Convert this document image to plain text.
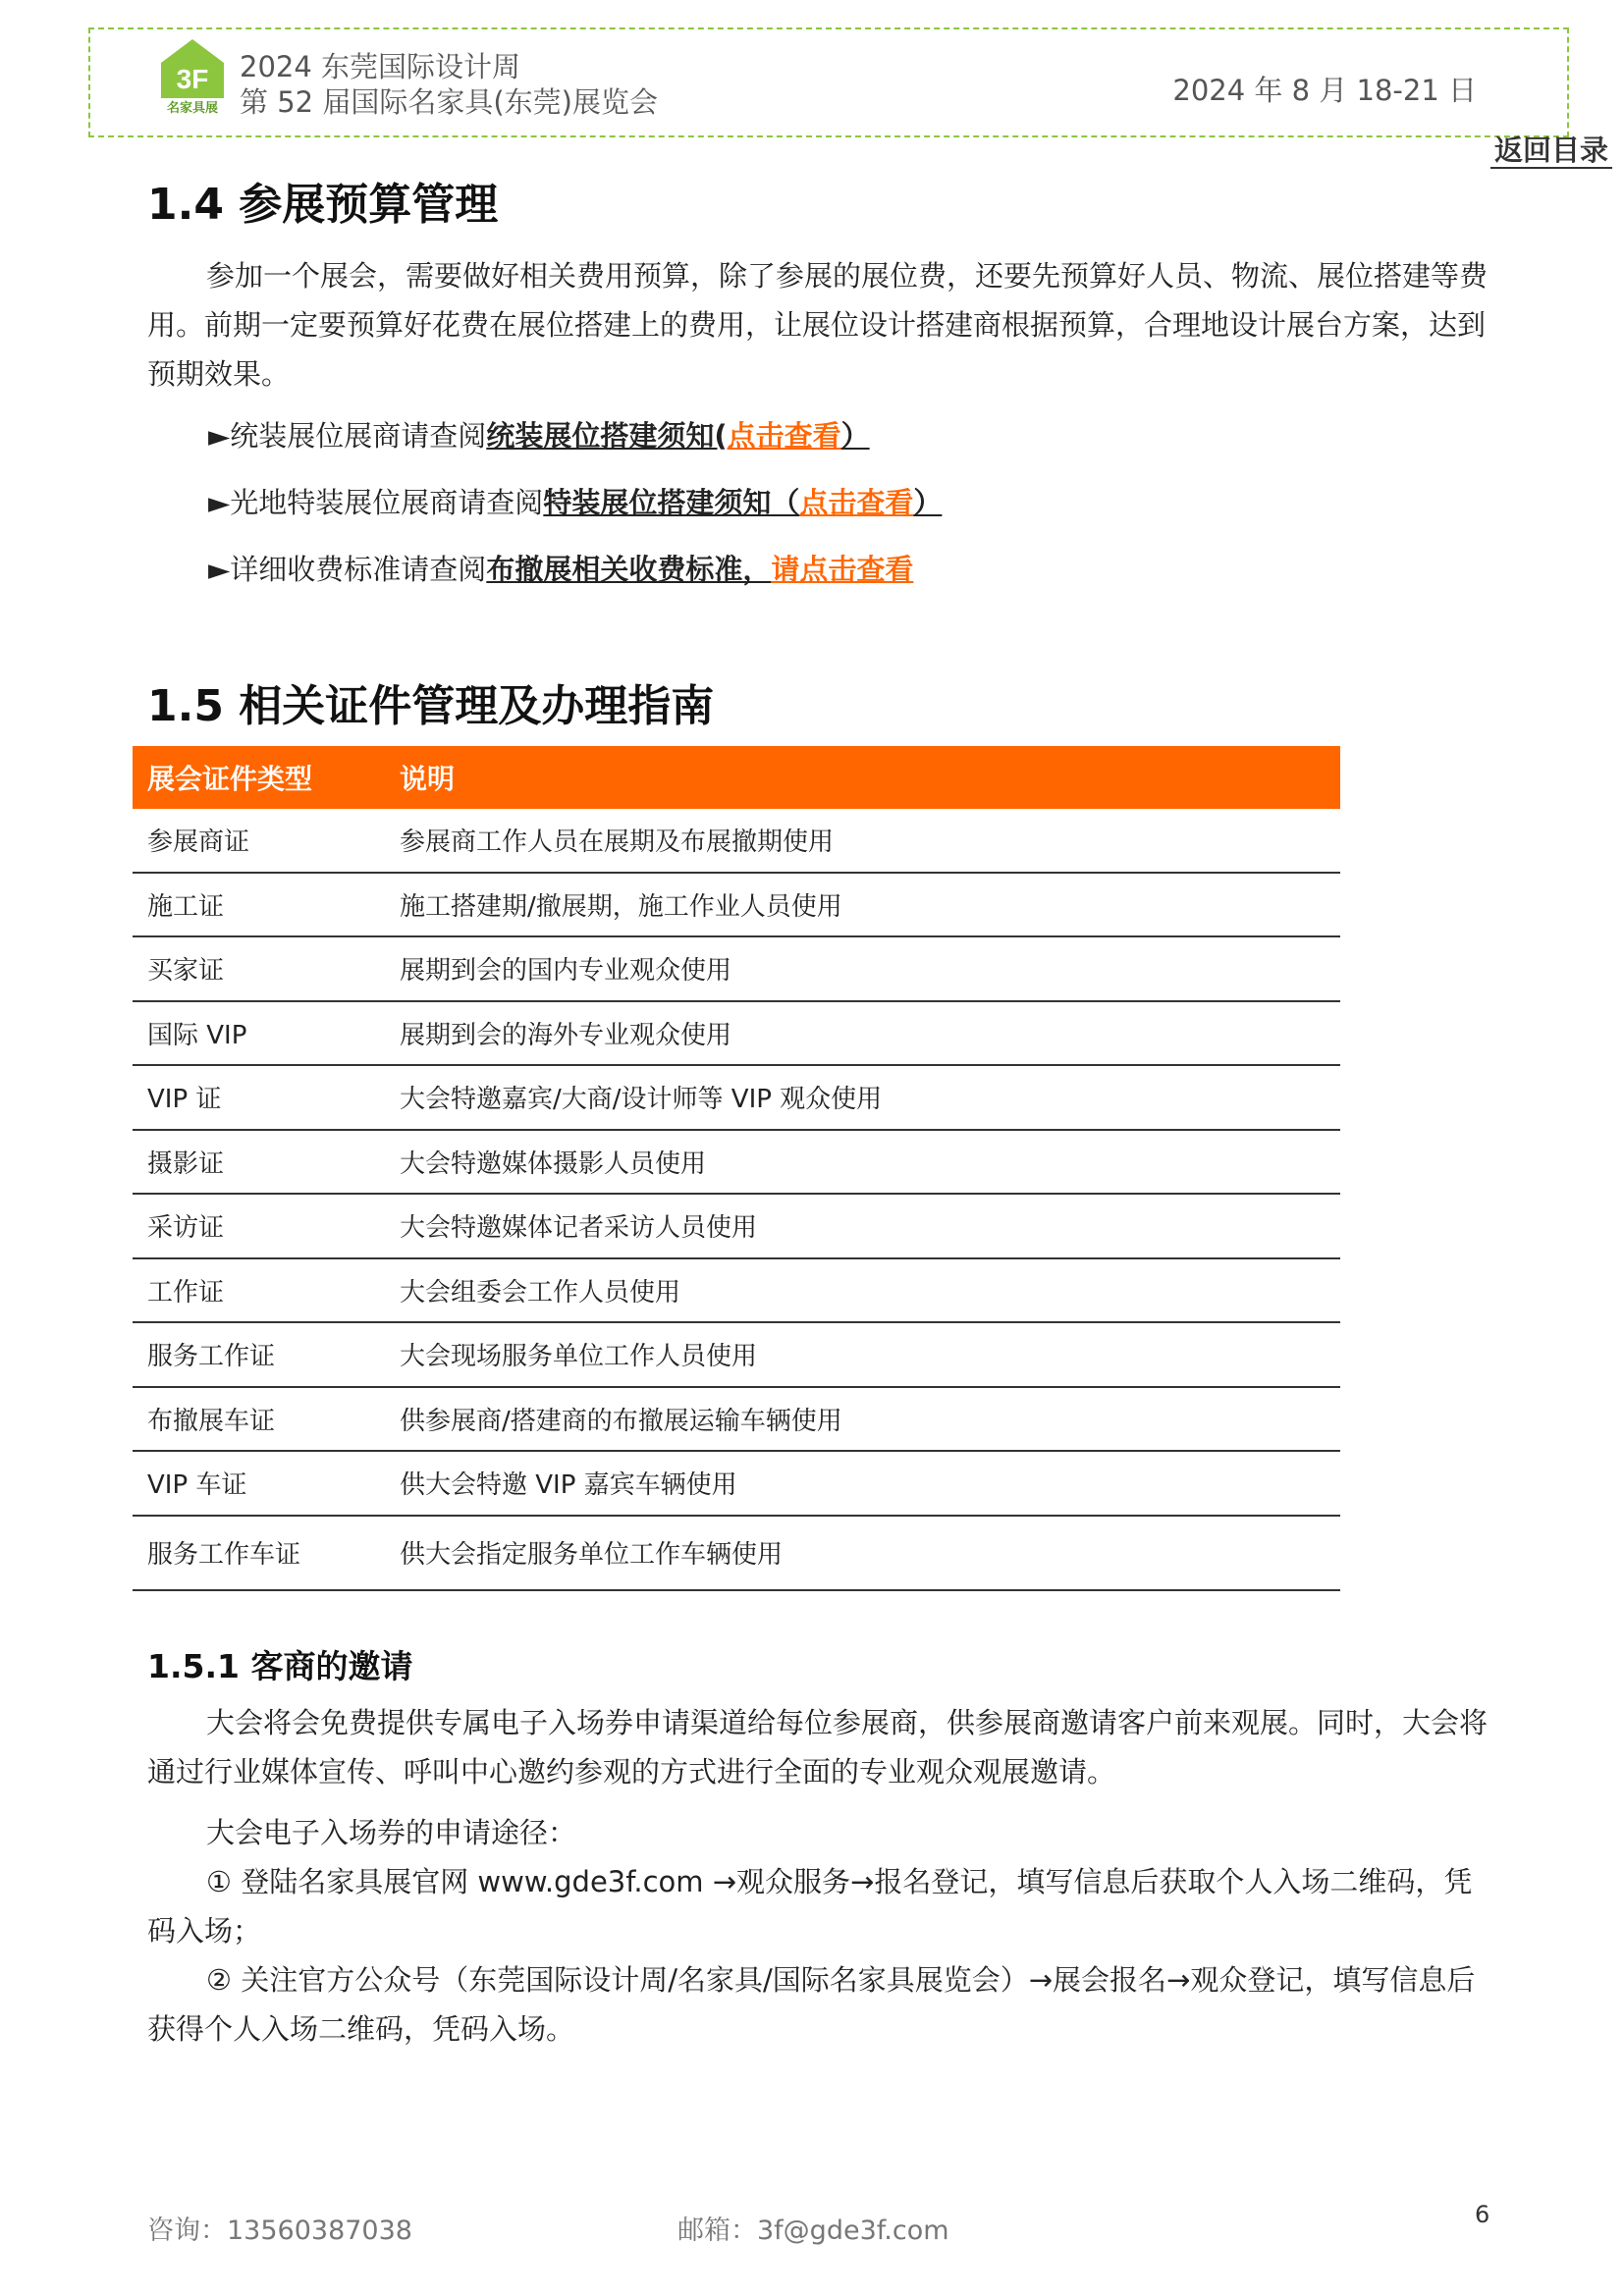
3F
名家具展
2024 东莞国际设计周
第 52 届国际名家具(东莞)展览会	2024 年 8 月 18-21 日
返回目录
1.4 参展预算管理

参加一个展会，需要做好相关费用预算，除了参展的展位费，还要先预算好人员、物流、展位搭建等费用。前期一定要预算好花费在展位搭建上的费用，让展位设计搭建商根据预算，合理地设计展台方案，达到预期效果。

►统装展位展商请查阅统装展位搭建须知(点击查看）
►光地特装展位展商请查阅特装展位搭建须知（点击查看）
►详细收费标准请查阅布撤展相关收费标准，请点击查看
1.5 相关证件管理及办理指南
展会证件类型	说明
参展商证	参展商工作人员在展期及布展撤期使用
施工证	施工搭建期/撤展期，施工作业人员使用
买家证	展期到会的国内专业观众使用
国际 VIP	展期到会的海外专业观众使用
VIP 证	大会特邀嘉宾/大商/设计师等 VIP 观众使用
摄影证	大会特邀媒体摄影人员使用
采访证	大会特邀媒体记者采访人员使用
工作证	大会组委会工作人员使用
服务工作证	大会现场服务单位工作人员使用
布撤展车证	供参展商/搭建商的布撤展运输车辆使用
VIP 车证	供大会特邀 VIP 嘉宾车辆使用
服务工作车证	供大会指定服务单位工作车辆使用
1.5.1 客商的邀请

大会将会免费提供专属电子入场券申请渠道给每位参展商，供参展商邀请客户前来观展。同时，大会将通过行业媒体宣传、呼叫中心邀约参观的方式进行全面的专业观众观展邀请。

大会电子入场券的申请途径：

① 登陆名家具展官网 www.gde3f.com →观众服务→报名登记，填写信息后获取个人入场二维码，凭码入场；

② 关注官方公众号（东莞国际设计周/名家具/国际名家具展览会）→展会报名→观众登记，填写信息后获得个人入场二维码，凭码入场。

咨询：13560387038	邮箱：3f@gde3f.com
6
